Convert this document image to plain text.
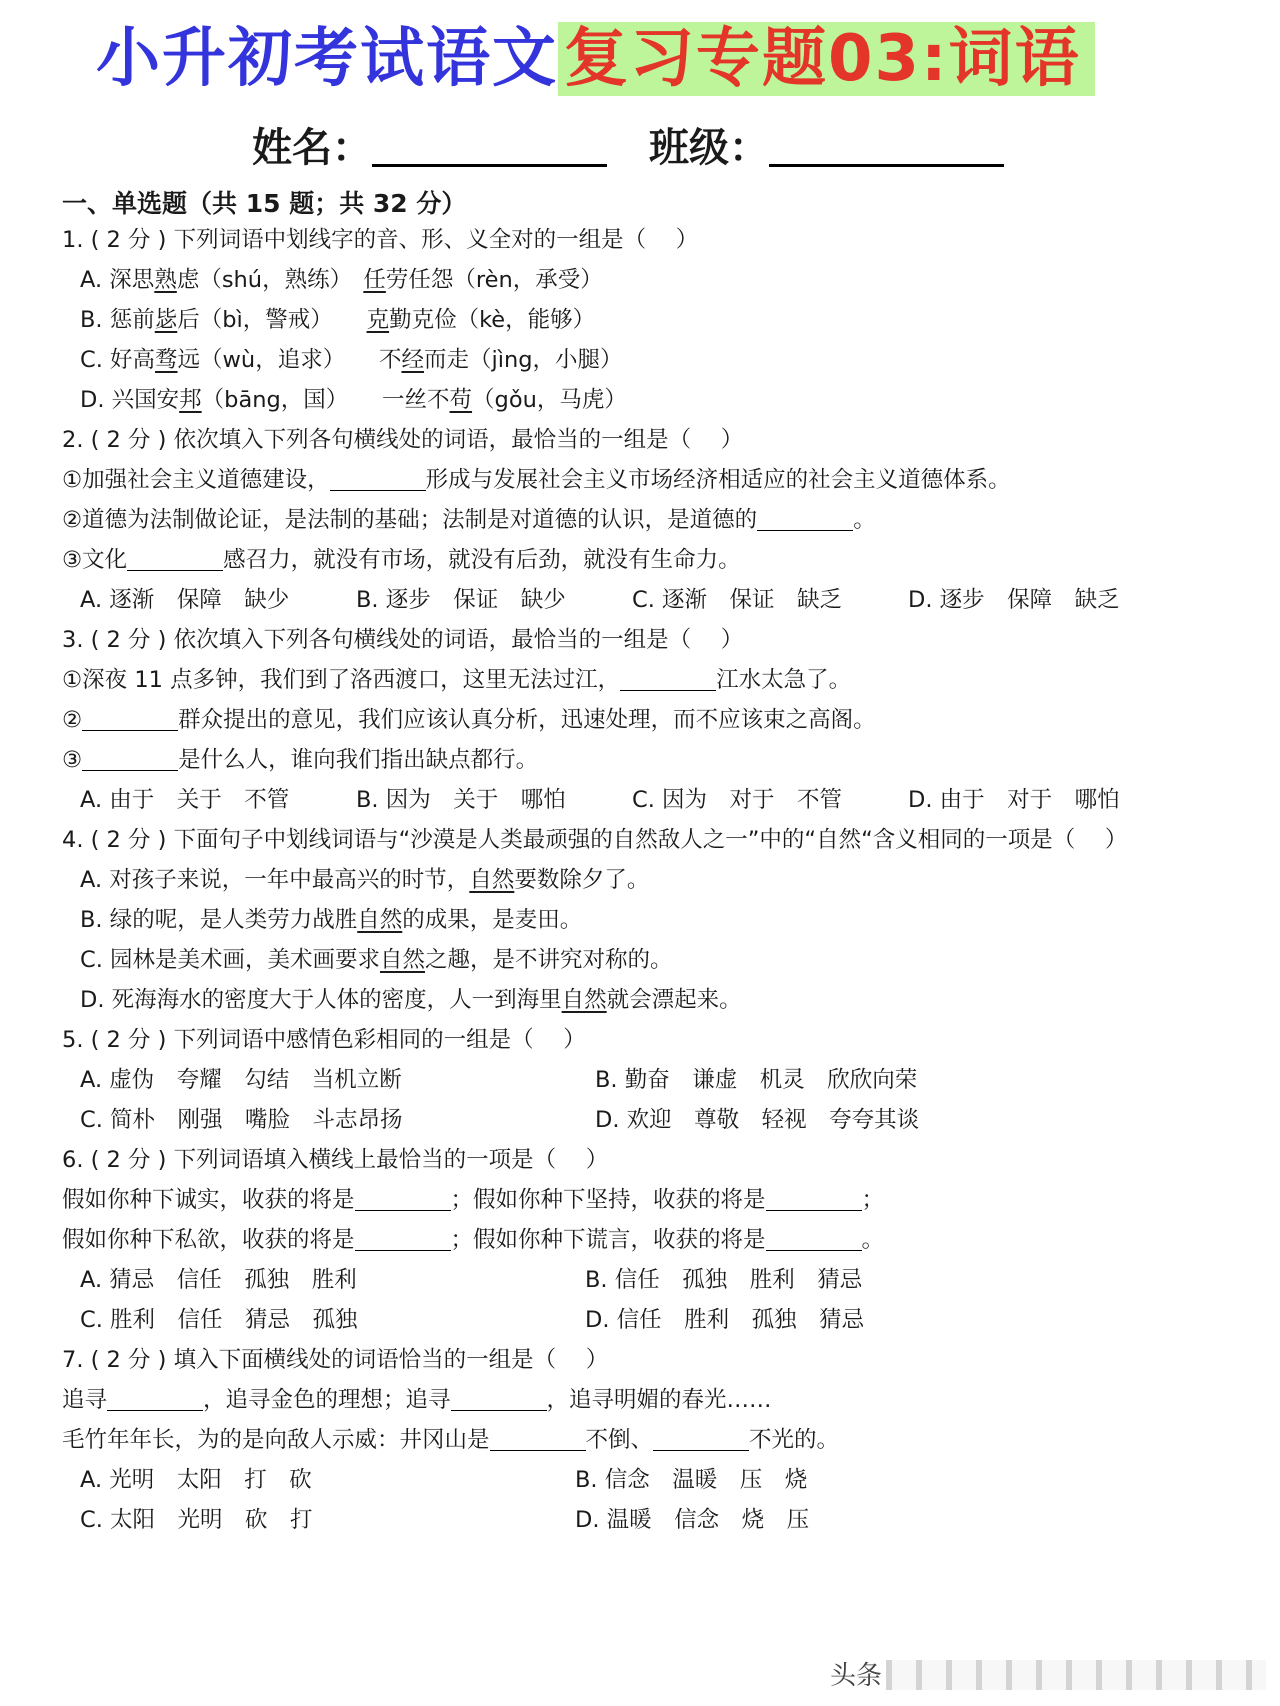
小升初考试语文复习专题03:词语
姓名：	班级：
一、单选题（共 15 题；共 32 分）
1. ( 2 分 ) 下列词语中划线字的音、形、义全对的一组是（　 ）
A. 深思熟虑（shú，熟练）　任劳任怨（rèn，承受）
B. 惩前毖后（bì，警戒）　　克勤克俭（kè，能够）
C. 好高骛远（wù，追求）　　不经而走（jìng，小腿）
D. 兴国安邦（bāng，国）　　一丝不苟（gǒu，马虎）
2. ( 2 分 ) 依次填入下列各句横线处的词语，最恰当的一组是（　 ）
①加强社会主义道德建设，	形成与发展社会主义市场经济相适应的社会主义道德体系。
②道德为法制做论证，是法制的基础；法制是对道德的认识，是道德的	。
③文化	感召力，就没有市场，就没有后劲，就没有生命力。
A. 逐渐　保障　缺少	B. 逐步　保证　缺少	C. 逐渐　保证　缺乏	D. 逐步　保障　缺乏
3. ( 2 分 ) 依次填入下列各句横线处的词语，最恰当的一组是（　 ）
①深夜 11 点多钟，我们到了洛西渡口，这里无法过江，	江水太急了。
②	群众提出的意见，我们应该认真分析，迅速处理，而不应该束之高阁。
③	是什么人，谁向我们指出缺点都行。
A. 由于　关于　不管	B. 因为　关于　哪怕	C. 因为　对于　不管	D. 由于　对于　哪怕
4. ( 2 分 ) 下面句子中划线词语与“沙漠是人类最顽强的自然敌人之一”中的“自然“含义相同的一项是（　 ）
A. 对孩子来说，一年中最高兴的时节，自然要数除夕了。
B. 绿的呢，是人类劳力战胜自然的成果，是麦田。
C. 园林是美术画，美术画要求自然之趣，是不讲究对称的。
D. 死海海水的密度大于人体的密度，人一到海里自然就会漂起来。
5. ( 2 分 ) 下列词语中感情色彩相同的一组是（　 ）
A. 虚伪　夸耀　勾结　当机立断	B. 勤奋　谦虚　机灵　欣欣向荣
C. 简朴　刚强　嘴脸　斗志昂扬	D. 欢迎　尊敬　轻视　夸夸其谈
6. ( 2 分 ) 下列词语填入横线上最恰当的一项是（　 ）
假如你种下诚实，收获的将是	；假如你种下坚持，收获的将是	；
假如你种下私欲，收获的将是	；假如你种下谎言，收获的将是	。
A. 猜忌　信任　孤独　胜利	B. 信任　孤独　胜利　猜忌
C. 胜利　信任　猜忌　孤独	D. 信任　胜利　孤独　猜忌
7. ( 2 分 ) 填入下面横线处的词语恰当的一组是（　 ）
追寻	，追寻金色的理想；追寻	，追寻明媚的春光……
毛竹年年长，为的是向敌人示威：井冈山是	不倒、	不光的。
A. 光明　太阳　打　砍	B. 信念　温暖　压　烧
C. 太阳　光明　砍　打	D. 温暖　信念　烧　压
头条
